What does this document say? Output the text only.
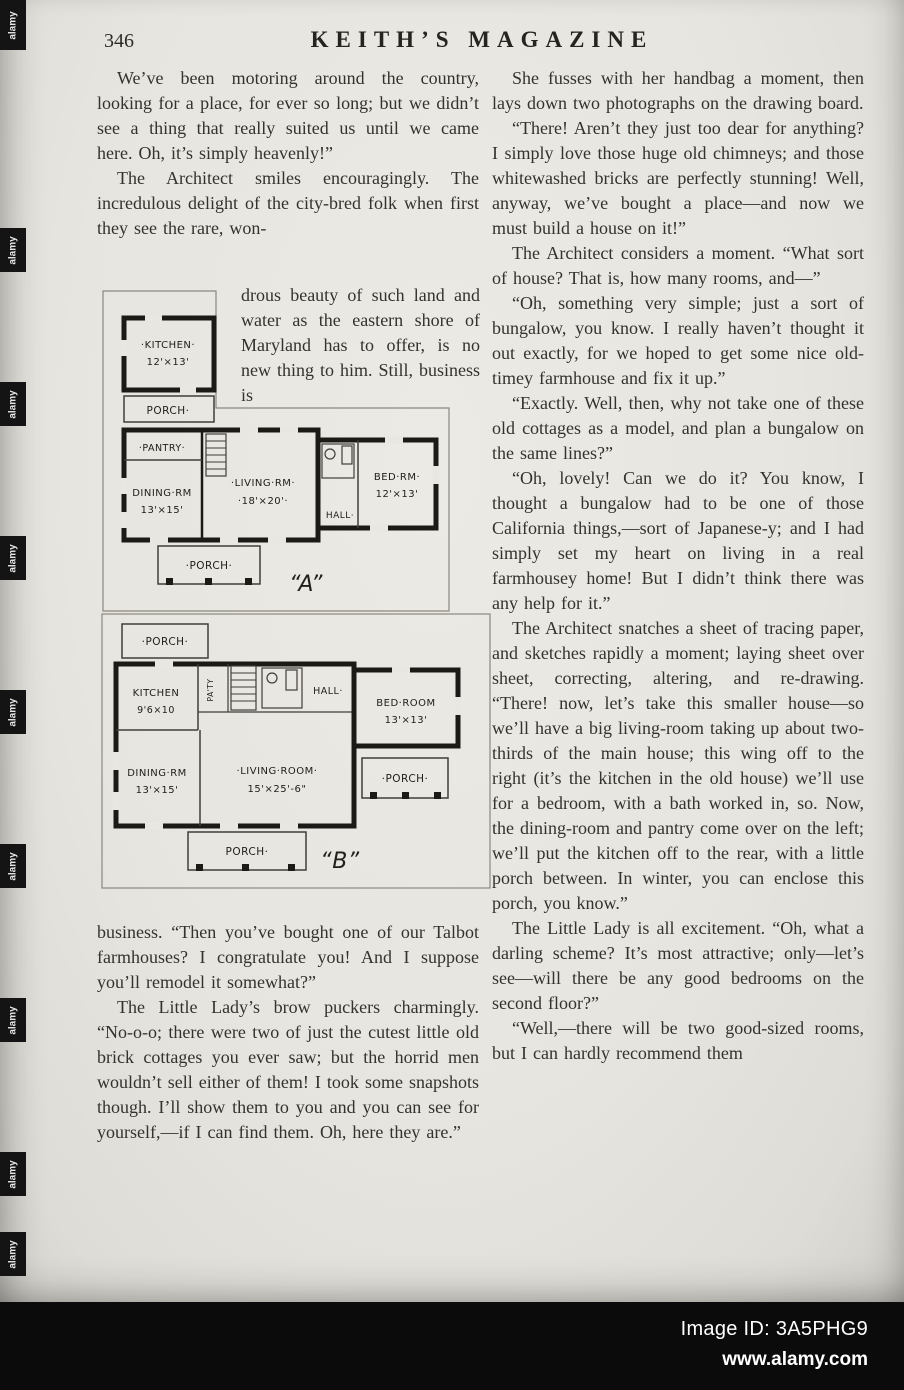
alamy
alamy
alamy
alamy
alamy
alamy
alamy
alamy
alamy
346	KEITH’S MAGAZINE

We’ve been motoring around the country, looking for a place, for ever so long; but we didn’t see a thing that really suited us until we came here. Oh, it’s simply heavenly!”

The Architect smiles encouragingly. The incredulous delight of the city-bred folk when first they see the rare, won-

drous beauty of such land and water as the eastern shore of Maryland has to offer, is no new thing to him. Still, business is

·KITCHEN·
12'×13'
PORCH·
·PANTRY·
DINING·RM
13'×15'
·LIVING·RM·
·18'×20'·
HALL·
BED·RM·
12'×13'
·PORCH·
“A”
·PORCH·
KITCHEN
9'6×10
PA'TY	HALL·
DINING·RM
13'×15'
·LIVING·ROOM·
15'×25'-6"
BED·ROOM
13'×13'
·PORCH·
PORCH· “B”

business. “Then you’ve bought one of our Talbot farmhouses? I congratulate you! And I suppose you’ll remodel it somewhat?”

The Little Lady’s brow puckers charmingly. “No-o-o; there were two of just the cutest little old brick cottages you ever saw; but the horrid men wouldn’t sell either of them! I took some snapshots though. I’ll show them to you and you can see for yourself,—if I can find them. Oh, here they are.”

She fusses with her handbag a moment, then lays down two photographs on the drawing board.

“There! Aren’t they just too dear for anything? I simply love those huge old chimneys; and those whitewashed bricks are perfectly stunning! Well, anyway, we’ve bought a place—and now we must build a house on it!”

The Architect considers a moment. “What sort of house? That is, how many rooms, and—”

“Oh, something very simple; just a sort of bungalow, you know. I really haven’t thought it out exactly, for we hoped to get some nice old-timey farmhouse and fix it up.”

“Exactly. Well, then, why not take one of these old cottages as a model, and plan a bungalow on the same lines?”

“Oh, lovely! Can we do it? You know, I thought a bungalow had to be one of those California things,—sort of Japanese-y; and I had simply set my heart on living in a real farmhousey home! But I didn’t think there was any help for it.”

The Architect snatches a sheet of tracing paper, and sketches rapidly a moment; laying sheet over sheet, correcting, altering, and re-drawing. “There! now, let’s take this smaller house—so we’ll have a big living-room taking up about two-thirds of the main house; this wing off to the right (it’s the kitchen in the old house) we’ll use for a bedroom, with a bath worked in, so. Now, the dining-room and pantry come over on the left; we’ll put the kitchen off to the rear, with a little porch between. In winter, you can enclose this porch, you know.”

The Little Lady is all excitement. “Oh, what a darling scheme? It’s most attractive; only—let’s see—will there be any good bedrooms on the second floor?”

“Well,—there will be two good-sized rooms, but I can hardly recommend them

Image ID: 3A5PHG9
www.alamy.com
